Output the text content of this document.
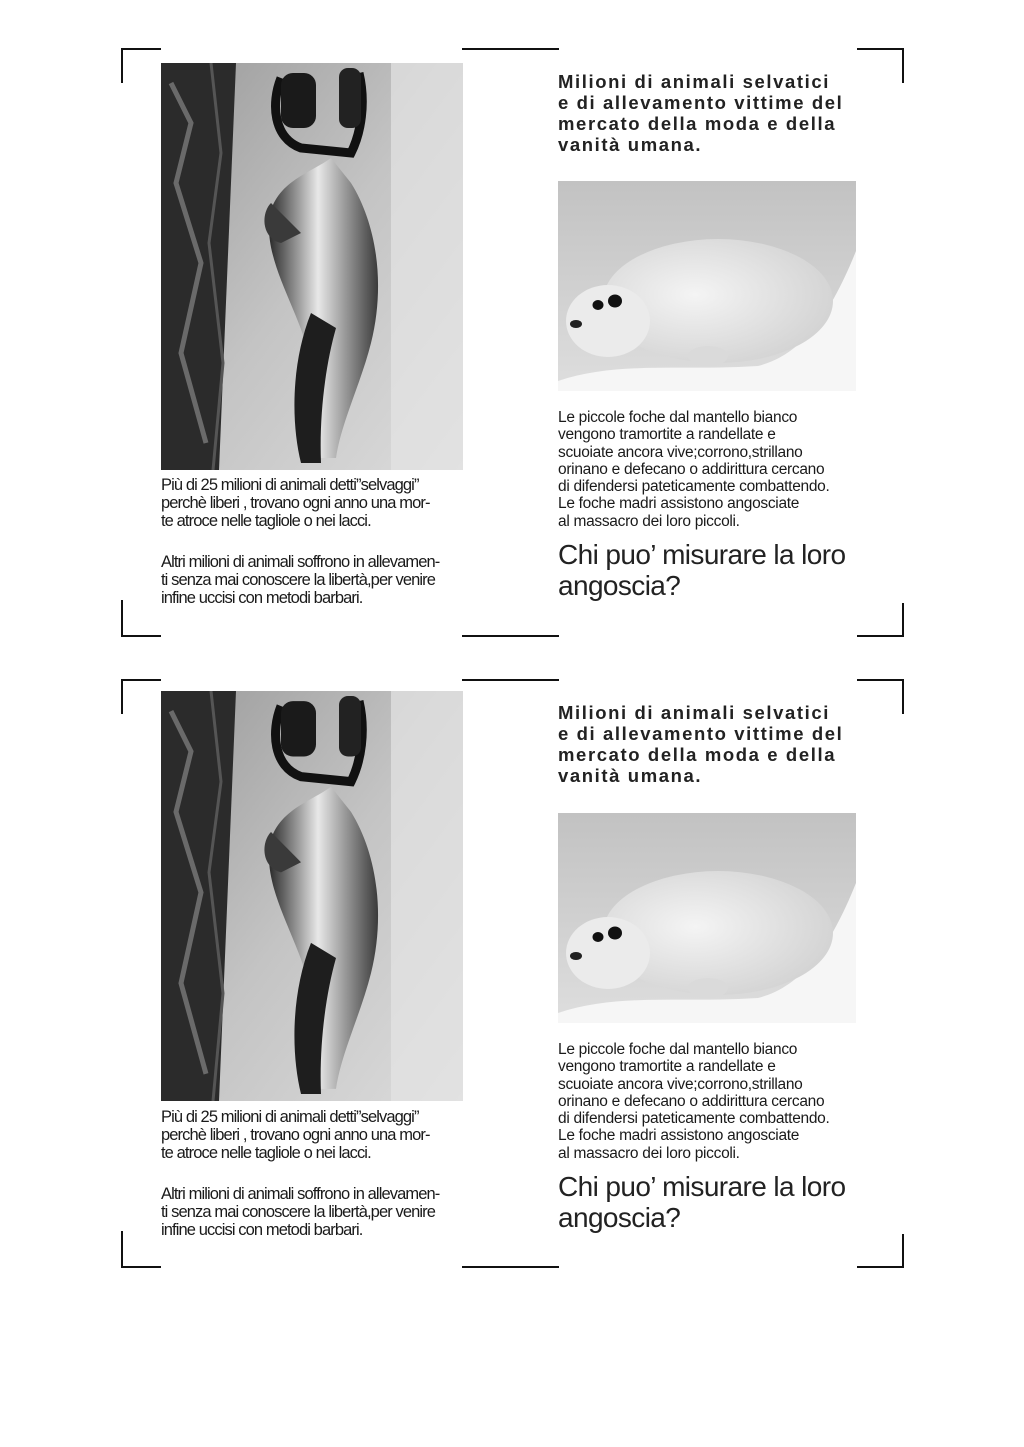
Più di 25 milioni di animali detti”selvaggi”
perchè liberi , trovano ogni anno una mor-
te atroce nelle tagliole o nei lacci.

Altri milioni di animali soffrono in allevamen-
ti senza mai conoscere la libertà,per venire
infine uccisi con metodi barbari.

Milioni di animali selvatici
e di allevamento vittime del
mercato della moda e della
vanità umana.

Le piccole foche dal mantello bianco
vengono tramortite a randellate e
scuoiate ancora vive;corrono,strillano
orinano e defecano o addirittura cercano
di difendersi pateticamente combattendo.
Le foche madri assistono angosciate
al massacro dei loro piccoli.

Chi puo’ misurare la loro
angoscia?

Più di 25 milioni di animali detti”selvaggi”
perchè liberi , trovano ogni anno una mor-
te atroce nelle tagliole o nei lacci.

Altri milioni di animali soffrono in allevamen-
ti senza mai conoscere la libertà,per venire
infine uccisi con metodi barbari.

Milioni di animali selvatici
e di allevamento vittime del
mercato della moda e della
vanità umana.

Le piccole foche dal mantello bianco
vengono tramortite a randellate e
scuoiate ancora vive;corrono,strillano
orinano e defecano o addirittura cercano
di difendersi pateticamente combattendo.
Le foche madri assistono angosciate
al massacro dei loro piccoli.

Chi puo’ misurare la loro
angoscia?
